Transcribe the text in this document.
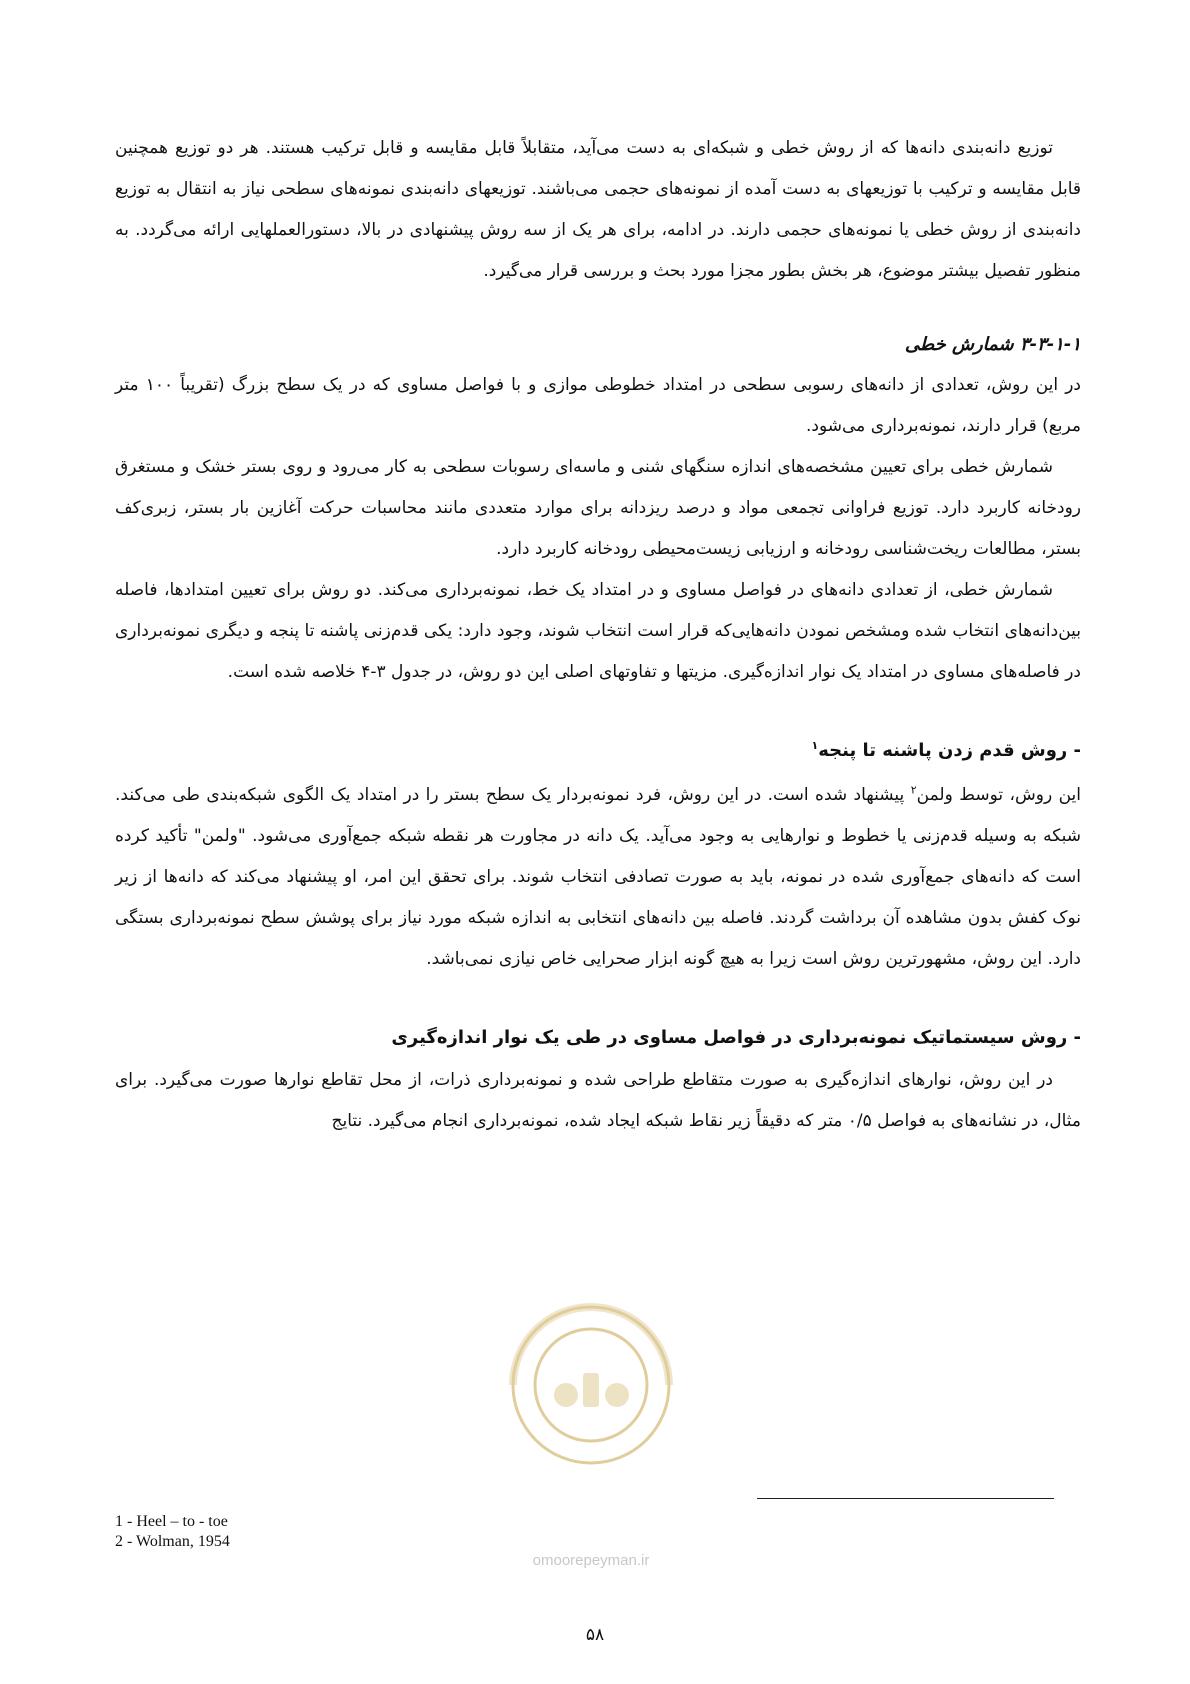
توزیع دانه‌بندی دانه‌ها که از روش خطی و شبکه‌ای به دست می‌آید، متقابلاً قابل مقایسه و قابل ترکیب هستند. هر دو توزیع همچنین قابل مقایسه و ترکیب با توزیعهای به دست آمده از نمونه‌های حجمی می‌باشند. توزیعهای دانه‌بندی نمونه‌های سطحی نیاز به انتقال به توزیع دانه‌بندی از روش خطی یا نمونه‌های حجمی دارند. در ادامه، برای هر یک از سه روش پیشنهادی در بالا، دستورالعملهایی ارائه می‌گردد. به منظور تفصیل بیشتر موضوع، هر بخش بطور مجزا مورد بحث و بررسی قرار می‌گیرد.

۳-۳-۱-۱ شمارش خطی

در این روش، تعدادی از دانه‌های رسوبی سطحی در امتداد خطوطی موازی و با فواصل مساوی که در یک سطح بزرگ (تقریباً ۱۰۰ متر مربع) قرار دارند، نمونه‌برداری می‌شود.

شمارش خطی برای تعیین مشخصه‌های اندازه سنگهای شنی و ماسه‌ای رسوبات سطحی به کار می‌رود و روی بستر خشک و مستغرق رودخانه کاربرد دارد. توزیع فراوانی تجمعی مواد و درصد ریزدانه برای موارد متعددی مانند محاسبات حرکت آغازین بار بستر، زبری‌کف بستر، مطالعات ریخت‌شناسی رودخانه و ارزیابی زیست‌محیطی رودخانه کاربرد دارد.

شمارش خطی، از تعدادی دانه‌های در فواصل مساوی و در امتداد یک خط، نمونه‌برداری می‌کند. دو روش برای تعیین امتدادها، فاصله بین‌دانه‌های انتخاب شده ومشخص نمودن دانه‌هایی‌که قرار است انتخاب شوند، وجود دارد: یکی قدم‌زنی پاشنه تا پنجه و دیگری نمونه‌برداری در فاصله‌های مساوی در امتداد یک نوار اندازه‌گیری. مزیتها و تفاوتهای اصلی این دو روش، در جدول ۳-۴ خلاصه شده است.

- روش قدم زدن پاشنه تا پنجه$^۱$

این روش، توسط ولمن$^۲$ پیشنهاد شده است. در این روش، فرد نمونه‌بردار یک سطح بستر را در امتداد یک الگوی شبکه‌بندی طی می‌کند. شبکه به وسیله قدم‌زنی یا خطوط و نوارهایی به وجود می‌آید. یک دانه در مجاورت هر نقطه شبکه جمع‌آوری می‌شود. "ولمن" تأکید کرده است که دانه‌های جمع‌آوری شده در نمونه، باید به صورت تصادفی انتخاب شوند. برای تحقق این امر، او پیشنهاد می‌کند که دانه‌ها از زیر نوک کفش بدون مشاهده آن برداشت گردند. فاصله بین دانه‌های انتخابی به اندازه شبکه مورد نیاز برای پوشش سطح نمونه‌برداری بستگی دارد. این روش، مشهورترین روش است زیرا به هیچ گونه ابزار صحرایی خاص نیازی نمی‌باشد.

- روش سیستماتیک نمونه‌برداری در فواصل مساوی در طی یک نوار اندازه‌گیری

در این روش، نوارهای اندازه‌گیری به صورت متقاطع طراحی شده و نمونه‌برداری ذرات، از محل تقاطع نوارها صورت می‌گیرد. برای مثال، در نشانه‌های به فواصل ۰/۵ متر که دقیقاً زیر نقاط شبکه ایجاد شده، نمونه‌برداری انجام می‌گیرد. نتایج

omoorepeyman.ir
1 - Heel – to - toe
2 - Wolman, 1954
۵۸
